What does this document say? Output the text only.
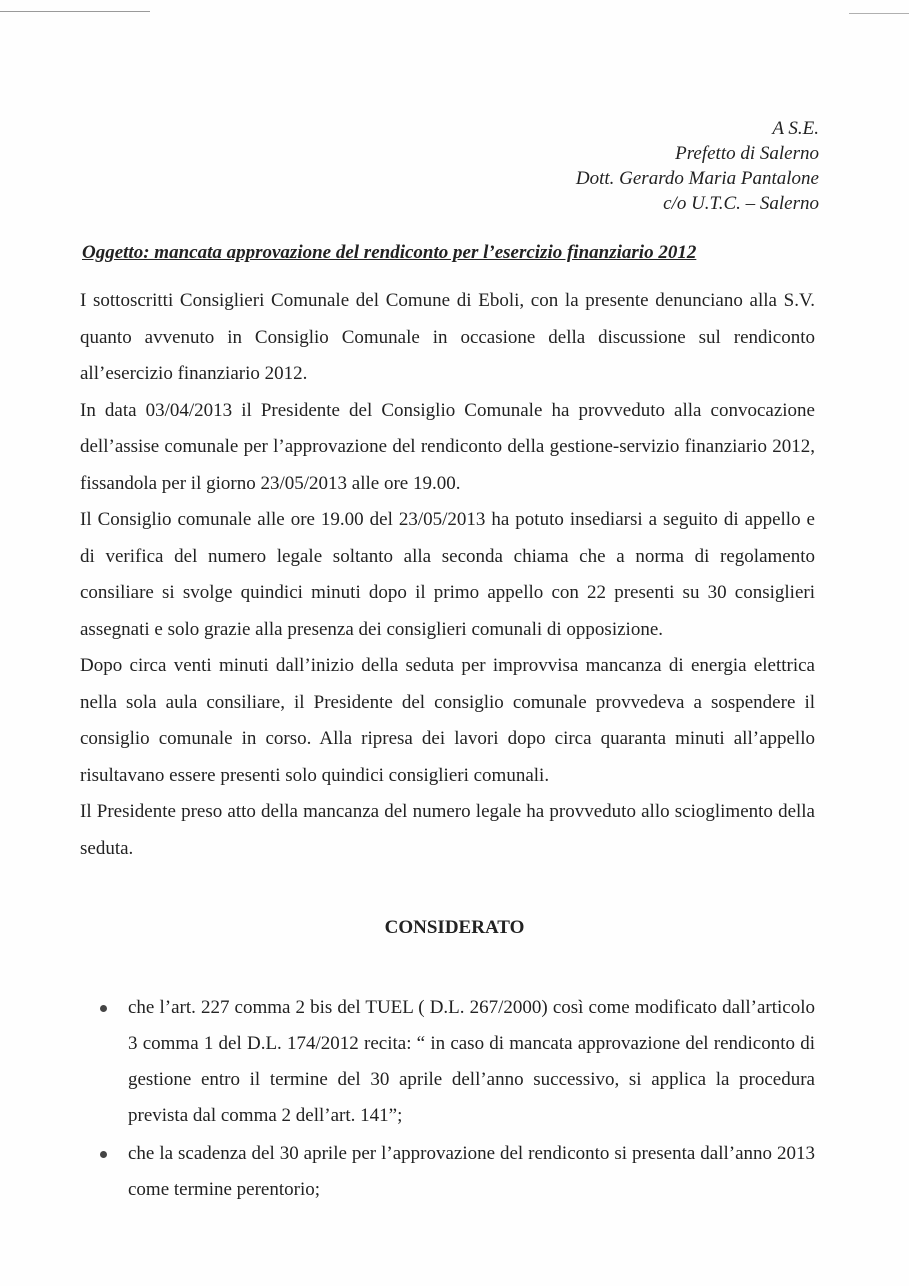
A S.E.
Prefetto di Salerno
Dott. Gerardo Maria Pantalone
c/o U.T.C. – Salerno
Oggetto: mancata approvazione del rendiconto per l’esercizio finanziario 2012

I sottoscritti Consiglieri Comunale del Comune di Eboli, con la presente denunciano alla S.V. quanto avvenuto in Consiglio Comunale in occasione della discussione sul rendiconto all’esercizio finanziario 2012.

In data 03/04/2013 il Presidente del Consiglio Comunale ha provveduto alla convocazione dell’assise comunale per l’approvazione del rendiconto della gestione-servizio finanziario 2012, fissandola per il giorno 23/05/2013 alle ore 19.00.

Il Consiglio comunale alle ore 19.00 del 23/05/2013 ha potuto insediarsi a seguito di appello e di verifica del numero legale soltanto alla seconda chiama che a norma di regolamento consiliare si svolge quindici minuti dopo il primo appello con 22 presenti su 30 consiglieri assegnati e solo grazie alla presenza dei consiglieri comunali di opposizione.

Dopo circa venti minuti dall’inizio della seduta per improvvisa mancanza di energia elettrica nella sola aula consiliare, il Presidente del consiglio comunale provvedeva a sospendere il consiglio comunale in corso. Alla ripresa dei lavori dopo circa quaranta minuti all’appello risultavano essere presenti solo quindici consiglieri comunali.

Il Presidente preso atto della mancanza del numero legale ha provveduto allo scioglimento della seduta.

CONSIDERATO
che l’art. 227 comma 2 bis del TUEL ( D.L. 267/2000) così come modificato dall’articolo 3 comma 1 del D.L. 174/2012 recita: “ in caso di mancata approvazione del rendiconto di gestione entro il termine del 30 aprile dell’anno successivo, si applica la procedura prevista dal comma 2 dell’art. 141”;
che la scadenza del 30 aprile per l’approvazione del rendiconto si presenta dall’anno 2013 come termine perentorio;
